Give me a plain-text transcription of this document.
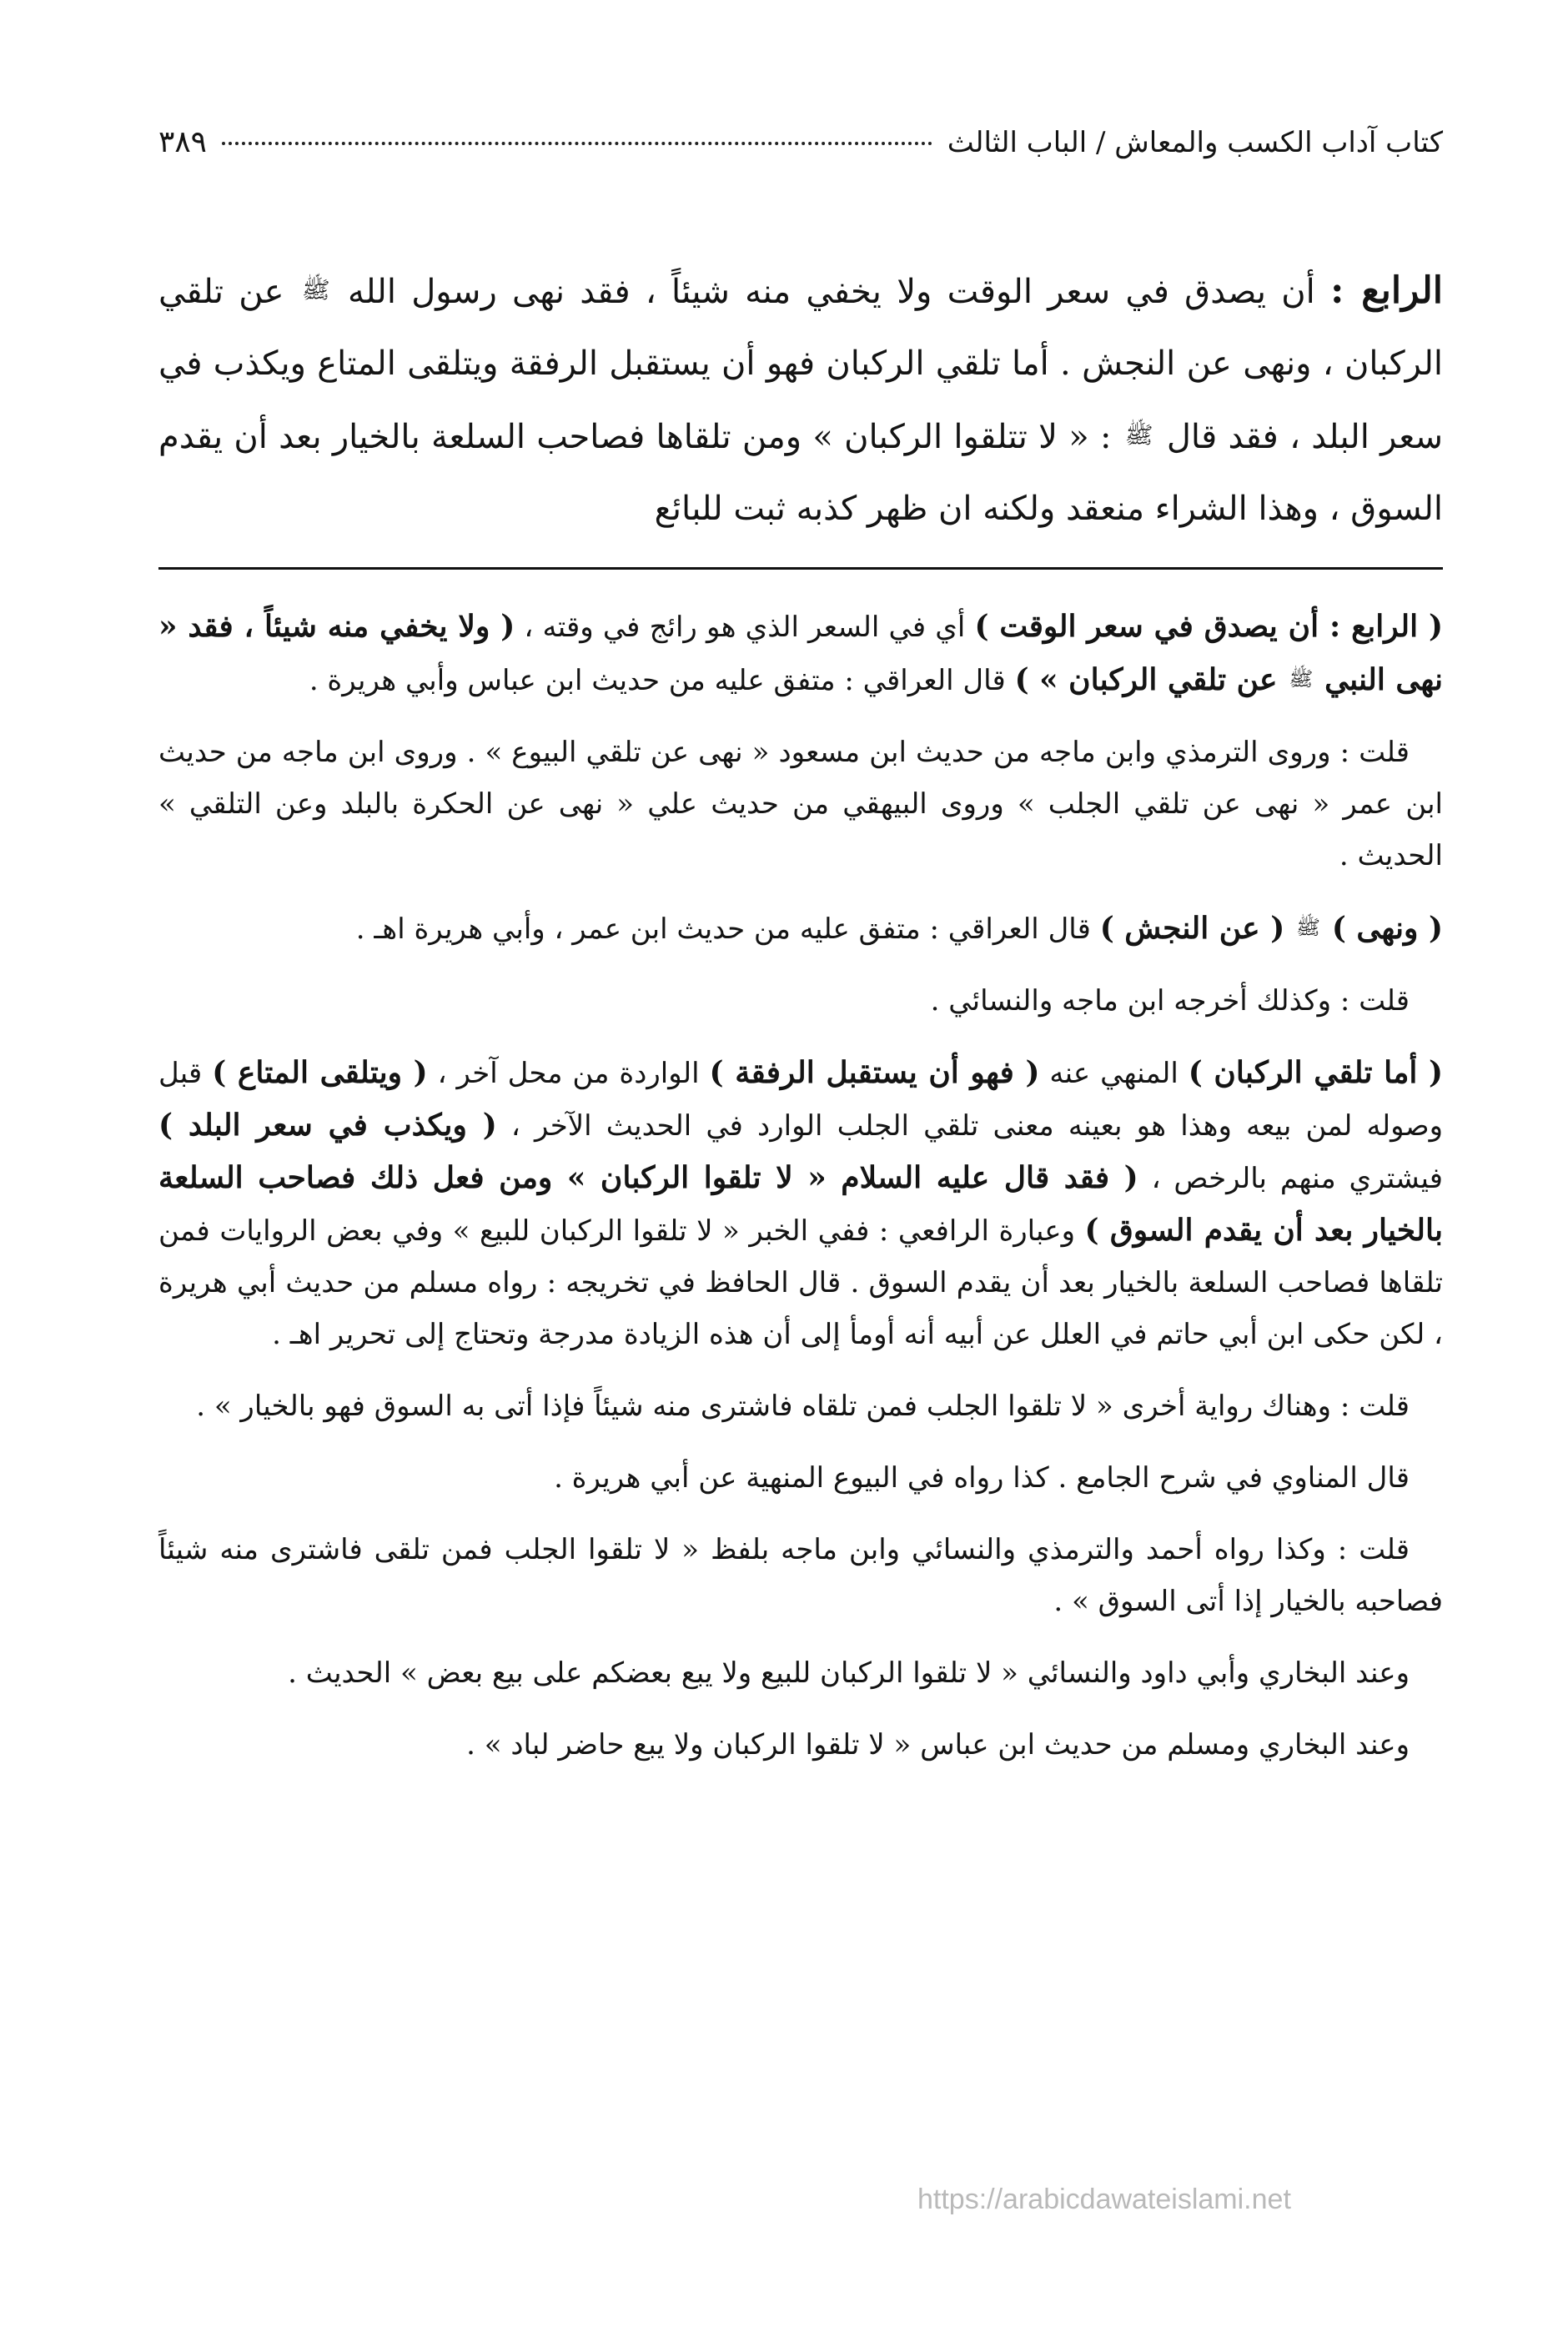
كتاب آداب الكسب والمعاش / الباب الثالث
٣٨٩

الرابع : أن يصدق في سعر الوقت ولا يخفي منه شيئاً ، فقد نهى رسول الله ﷺ عن تلقي الركبان ، ونهى عن النجش . أما تلقي الركبان فهو أن يستقبل الرفقة ويتلقى المتاع ويكذب في سعر البلد ، فقد قال ﷺ : « لا تتلقوا الركبان » ومن تلقاها فصاحب السلعة بالخيار بعد أن يقدم السوق ، وهذا الشراء منعقد ولكنه ان ظهر كذبه ثبت للبائع

( الرابع : أن يصدق في سعر الوقت ) أي في السعر الذي هو رائج في وقته ، ( ولا يخفي منه شيئاً ، فقد « نهى النبي ﷺ عن تلقي الركبان » ) قال العراقي : متفق عليه من حديث ابن عباس وأبي هريرة .

قلت : وروى الترمذي وابن ماجه من حديث ابن مسعود « نهى عن تلقي البيوع » . وروى ابن ماجه من حديث ابن عمر « نهى عن تلقي الجلب » وروى البيهقي من حديث علي « نهى عن الحكرة بالبلد وعن التلقي » الحديث .

( ونهى ) ﷺ ( عن النجش ) قال العراقي : متفق عليه من حديث ابن عمر ، وأبي هريرة اهـ .

قلت : وكذلك أخرجه ابن ماجه والنسائي .

( أما تلقي الركبان ) المنهي عنه ( فهو أن يستقبل الرفقة ) الواردة من محل آخر ، ( ويتلقى المتاع ) قبل وصوله لمن بيعه وهذا هو بعينه معنى تلقي الجلب الوارد في الحديث الآخر ، ( ويكذب في سعر البلد ) فيشتري منهم بالرخص ، ( فقد قال عليه السلام « لا تلقوا الركبان » ومن فعل ذلك فصاحب السلعة بالخيار بعد أن يقدم السوق ) وعبارة الرافعي : ففي الخبر « لا تلقوا الركبان للبيع » وفي بعض الروايات فمن تلقاها فصاحب السلعة بالخيار بعد أن يقدم السوق . قال الحافظ في تخريجه : رواه مسلم من حديث أبي هريرة ، لكن حكى ابن أبي حاتم في العلل عن أبيه أنه أومأ إلى أن هذه الزيادة مدرجة وتحتاج إلى تحرير اهـ .

قلت : وهناك رواية أخرى « لا تلقوا الجلب فمن تلقاه فاشترى منه شيئاً فإذا أتى به السوق فهو بالخيار » .

قال المناوي في شرح الجامع . كذا رواه في البيوع المنهية عن أبي هريرة .

قلت : وكذا رواه أحمد والترمذي والنسائي وابن ماجه بلفظ « لا تلقوا الجلب فمن تلقى فاشترى منه شيئاً فصاحبه بالخيار إذا أتى السوق » .

وعند البخاري وأبي داود والنسائي « لا تلقوا الركبان للبيع ولا يبع بعضكم على بيع بعض » الحديث .

وعند البخاري ومسلم من حديث ابن عباس « لا تلقوا الركبان ولا يبع حاضر لباد » .

https://arabicdawateislami.net
